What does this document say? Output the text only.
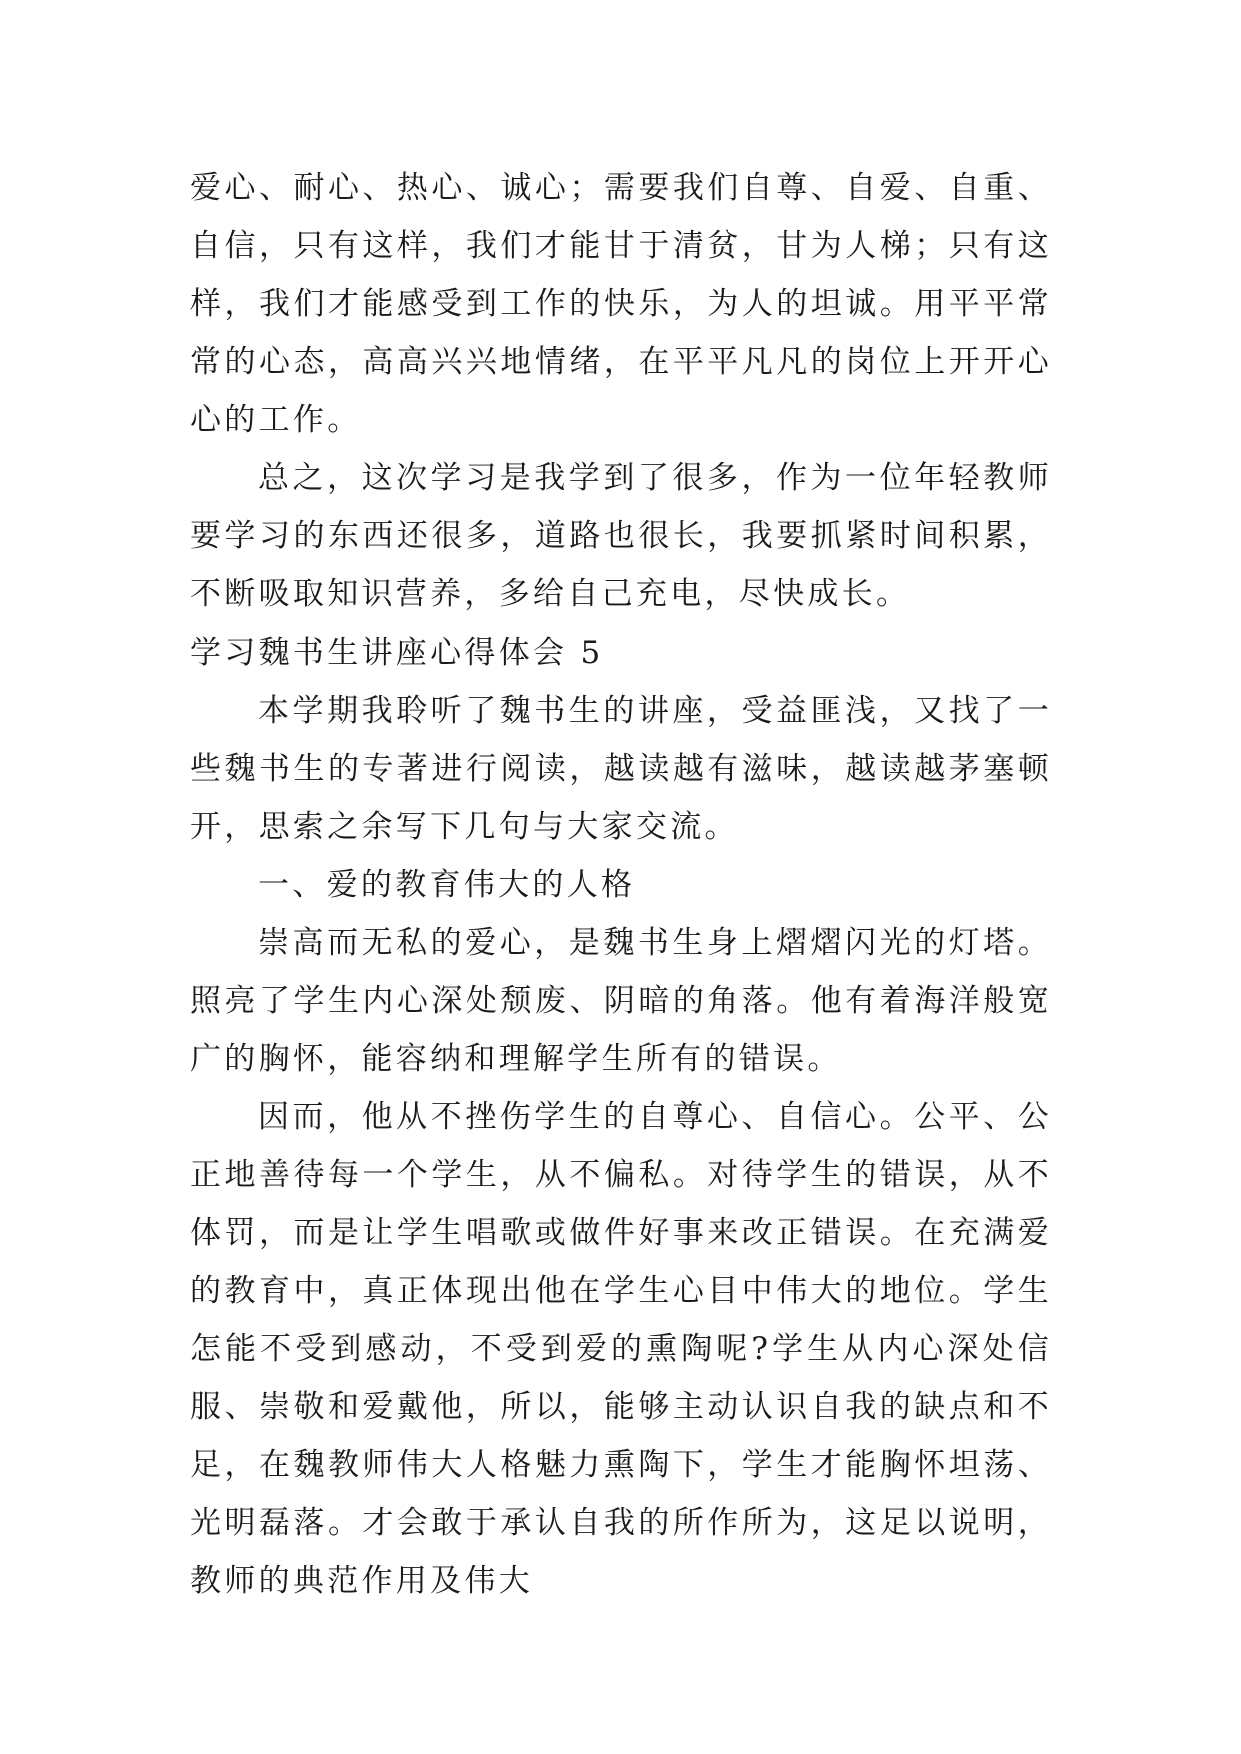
爱心、耐心、热心、诚心；需要我们自尊、自爱、自重、自信，只有这样，我们才能甘于清贫，甘为人梯；只有这样，我们才能感受到工作的快乐，为人的坦诚。用平平常常的心态，高高兴兴地情绪，在平平凡凡的岗位上开开心心的工作。

总之，这次学习是我学到了很多，作为一位年轻教师要学习的东西还很多，道路也很长，我要抓紧时间积累，不断吸取知识营养，多给自己充电，尽快成长。

学习魏书生讲座心得体会 5

本学期我聆听了魏书生的讲座，受益匪浅，又找了一些魏书生的专著进行阅读，越读越有滋味，越读越茅塞顿开，思索之余写下几句与大家交流。

一、爱的教育伟大的人格

崇高而无私的爱心，是魏书生身上熠熠闪光的灯塔。照亮了学生内心深处颓废、阴暗的角落。他有着海洋般宽广的胸怀，能容纳和理解学生所有的错误。

因而，他从不挫伤学生的自尊心、自信心。公平、公正地善待每一个学生，从不偏私。对待学生的错误，从不体罚，而是让学生唱歌或做件好事来改正错误。在充满爱的教育中，真正体现出他在学生心目中伟大的地位。学生怎能不受到感动，不受到爱的熏陶呢?学生从内心深处信服、崇敬和爱戴他，所以，能够主动认识自我的缺点和不足，在魏教师伟大人格魅力熏陶下，学生才能胸怀坦荡、光明磊落。才会敢于承认自我的所作所为，这足以说明，教师的典范作用及伟大
